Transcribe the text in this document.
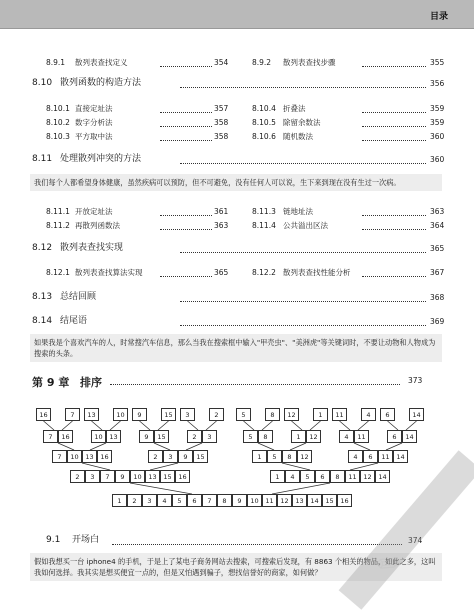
目录
8.9.1 散列表查找定义	354	8.9.2 散列表查找步骤	355
8.10 散列函数的构造方法	356
8.10.1 直接定址法	357	8.10.4 折叠法	359
8.10.2 数字分析法	358	8.10.5 除留余数法	359
8.10.3 平方取中法	358	8.10.6 随机数法	360
8.11 处理散列冲突的方法	360
我们每个人都希望身体健康，虽然疾病可以预防，但不可避免，没有任何人可以说，生下来到现在没有生过一次病。
8.11.1 开放定址法	361	8.11.3 链地址法	363
8.11.2 再散列函数法	363	8.11.4 公共溢出区法	364
8.12 散列表查找实现	365
8.12.1 散列表查找算法实现	365	8.12.2 散列表查找性能分析	367
8.13 总结回顾	368
8.14 结尾语	369
如果我是个喜欢汽车的人，时常搜汽车信息，那么当我在搜索框中输入"甲壳虫"、"美洲虎"等关键词时，不要让动物和人物成为搜索的头条。
第 9 章 排序	373
16	7	13	10	9	15	3	2	5	8	12	1	11	4	6	14
7	16	10	13	9	15	2	3	5	8	1	12	4	11	6	14
7	10	13	16	2	3	9	15	1	5	8	12	4	6	11	14
2	3	7	9	10	13	15	16	1	4	5	6	8	11	12	14
1	2	3	4	5	6	7	8	9	10	11	12	13	14	15	16
9.1 开场白	374
假如我想买一台 iphone4 的手机，于是上了某电子商务网站去搜索，可搜索后发现，有 8863 个相关的物品，如此之多，这叫我如何选择。我其实是想买便宜一点的，但是又怕遇到骗子，想找信誉好的商家，如何做？	✎
